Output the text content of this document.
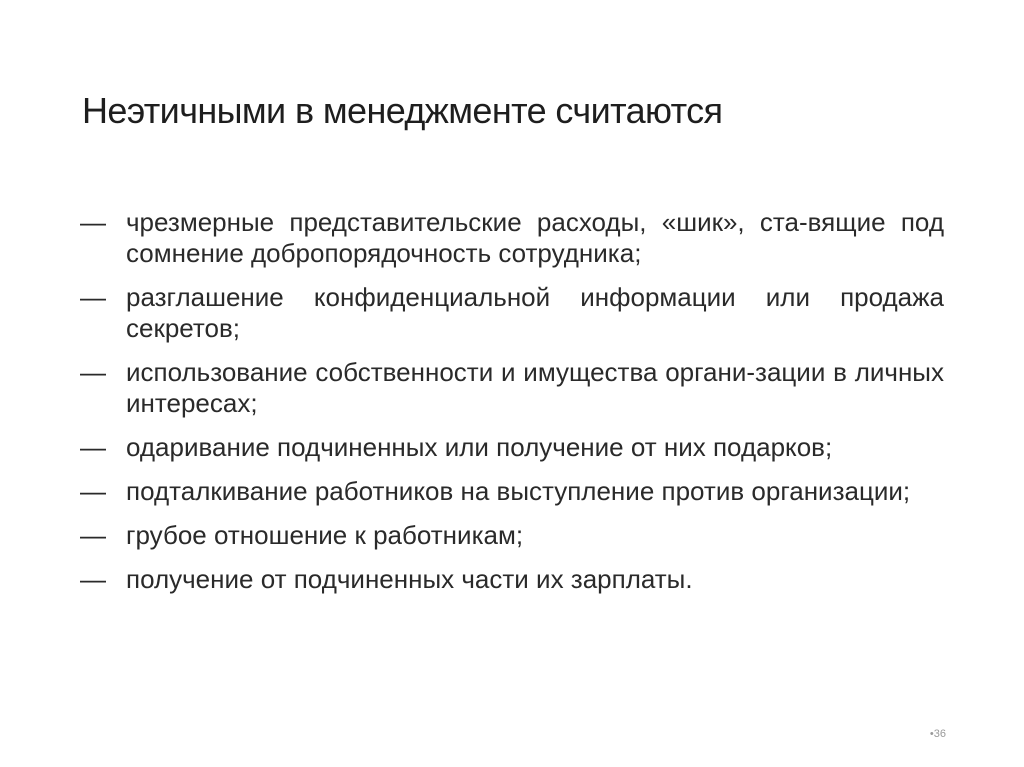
Неэтичными в менеджменте считаются
— чрезмерные представительские расходы, «шик», ста-вящие под сомнение добропорядочность сотрудника;
— разглашение конфиденциальной информации или продажа секретов;
— использование собственности и имущества органи-зации в личных интересах;
— одаривание подчиненных или получение от них подарков;
— подталкивание работников на выступление против организации;
— грубое отношение к работникам;
— получение от подчиненных части их зарплаты.
•36
